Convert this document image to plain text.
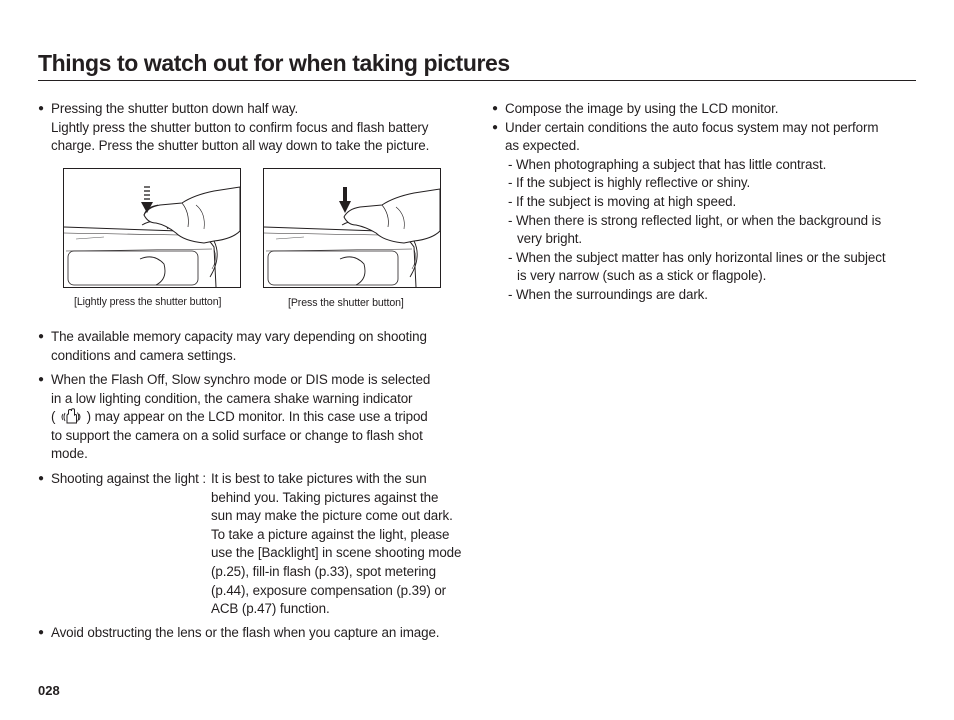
Things to watch out for when taking pictures
● Pressing the shutter button down half way.
Lightly press the shutter button to confirm focus and flash battery
charge. Press the shutter button all way down to take the picture.
[Lightly press the shutter button]	[Press the shutter button]
● The available memory capacity may vary depending on shooting
conditions and camera settings.
● When the Flash Off, Slow synchro mode or DIS mode is selected
in a low lighting condition, the camera shake warning indicator
( ) may appear on the LCD monitor. In this case use a tripod
to support the camera on a solid surface or change to flash shot
mode.
● Shooting against the light : It is best to take pictures with the sun
behind you. Taking pictures against the
sun may make the picture come out dark.
To take a picture against the light, please
use the [Backlight] in scene shooting mode
(p.25), fill-in flash (p.33), spot metering
(p.44), exposure compensation (p.39) or
ACB (p.47) function.
● Avoid obstructing the lens or the flash when you capture an image.
● Compose the image by using the LCD monitor.
● Under certain conditions the auto focus system may not perform
as expected.
- When photographing a subject that has little contrast.
- If the subject is highly reflective or shiny.
- If the subject is moving at high speed.
- When there is strong reflected light, or when the background is
very bright.
- When the subject matter has only horizontal lines or the subject
is very narrow (such as a stick or flagpole).
- When the surroundings are dark.
028
